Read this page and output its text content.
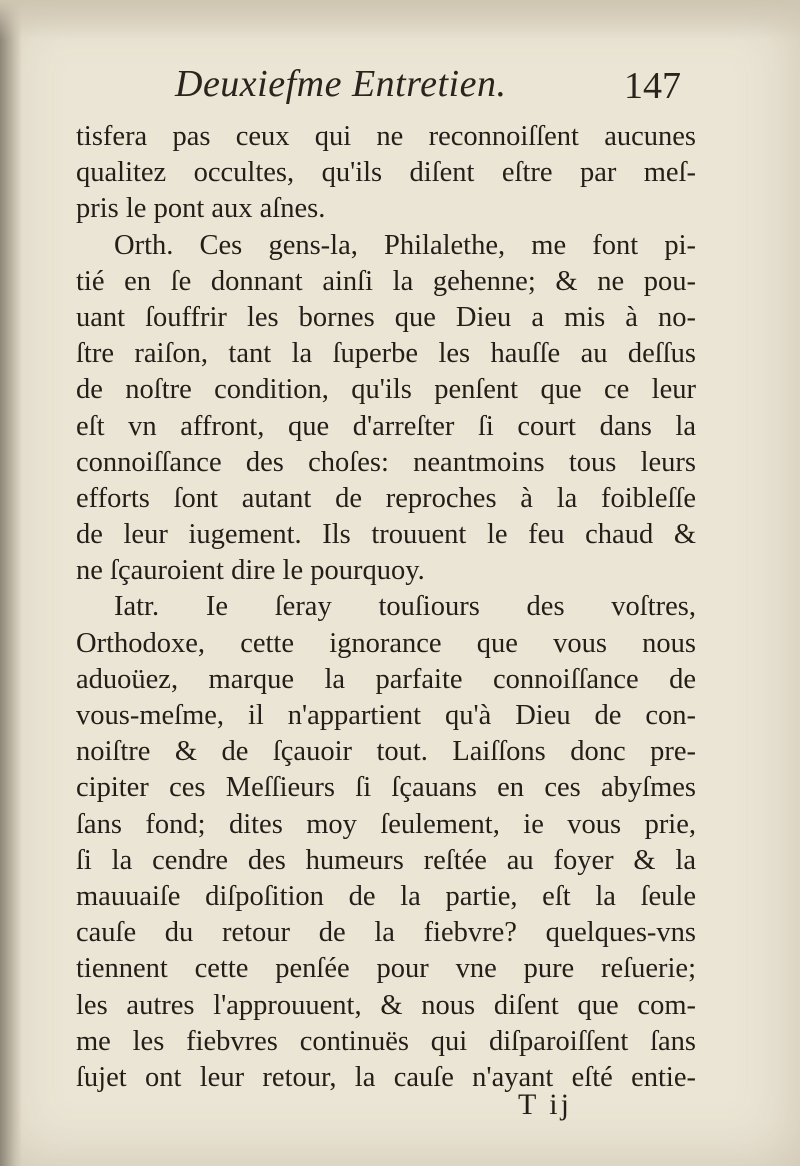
Deuxiefme Entretien.	147
tisfera pas ceux qui ne reconnoiſſent aucunes
qualitez occultes, qu'ils diſent eſtre par meſ-
pris le pont aux aſnes.
Orth. Ces gens-la, Philalethe, me font pi-
tié en ſe donnant ainſi la gehenne; & ne pou-
uant ſouffrir les bornes que Dieu a mis à no-
ſtre raiſon, tant la ſuperbe les hauſſe au deſſus
de noſtre condition, qu'ils penſent que ce leur
eſt vn affront, que d'arreſter ſi court dans la
connoiſſance des choſes: neantmoins tous leurs
efforts ſont autant de reproches à la foibleſſe
de leur iugement. Ils trouuent le feu chaud &
ne ſçauroient dire le pourquoy.
Iatr. Ie ſeray touſiours des voſtres,
Orthodoxe, cette ignorance que vous nous
aduoüez, marque la parfaite connoiſſance de
vous-meſme, il n'appartient qu'à Dieu de con-
noiſtre & de ſçauoir tout. Laiſſons donc pre-
cipiter ces Meſſieurs ſi ſçauans en ces abyſmes
ſans fond; dites moy ſeulement, ie vous prie,
ſi la cendre des humeurs reſtée au foyer & la
mauuaiſe diſpoſition de la partie, eſt la ſeule
cauſe du retour de la fiebvre? quelques-vns
tiennent cette penſée pour vne pure reſuerie;
les autres l'approuuent, & nous diſent que com-
me les fiebvres continuës qui diſparoiſſent ſans
ſujet ont leur retour, la cauſe n'ayant eſté entie-
T ij
